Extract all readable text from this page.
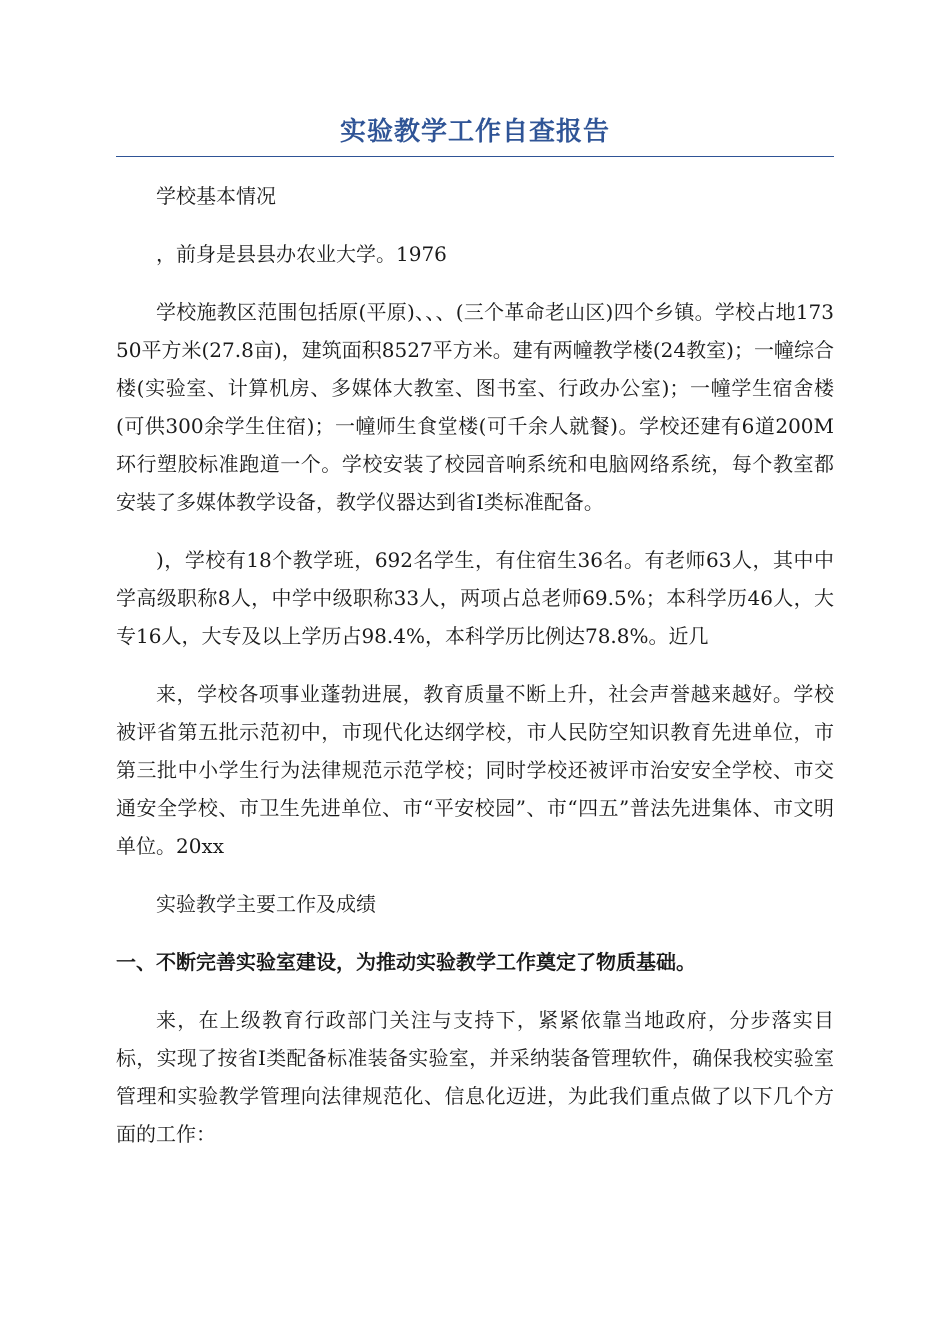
实验教学工作自查报告

学校基本情况

，前身是县县办农业大学。1976

学校施教区范围包括原(平原)、、、(三个革命老山区)四个乡镇。学校占地17350平方米(27.8亩)，建筑面积8527平方米。建有两幢教学楼(24教室)；一幢综合楼(实验室、计算机房、多媒体大教室、图书室、行政办公室)；一幢学生宿舍楼(可供300余学生住宿)；一幢师生食堂楼(可千余人就餐)。学校还建有6道200M环行塑胶标准跑道一个。学校安装了校园音响系统和电脑网络系统，每个教室都安装了多媒体教学设备，教学仪器达到省Ⅰ类标准配备。

)，学校有18个教学班，692名学生，有住宿生36名。有老师63人，其中中学高级职称8人，中学中级职称33人，两项占总老师69.5%；本科学历46人，大专16人，大专及以上学历占98.4%，本科学历比例达78.8%。近几

来，学校各项事业蓬勃进展，教育质量不断上升，社会声誉越来越好。学校被评省第五批示范初中，市现代化达纲学校，市人民防空知识教育先进单位，市第三批中小学生行为法律规范示范学校；同时学校还被评市治安安全学校、市交通安全学校、市卫生先进单位、市“平安校园”、市“四五”普法先进集体、市文明单位。20xx

实验教学主要工作及成绩

一、不断完善实验室建设，为推动实验教学工作奠定了物质基础。

来，在上级教育行政部门关注与支持下，紧紧依靠当地政府，分步落实目标，实现了按省Ⅰ类配备标准装备实验室，并采纳装备管理软件，确保我校实验室管理和实验教学管理向法律规范化、信息化迈进，为此我们重点做了以下几个方面的工作：
